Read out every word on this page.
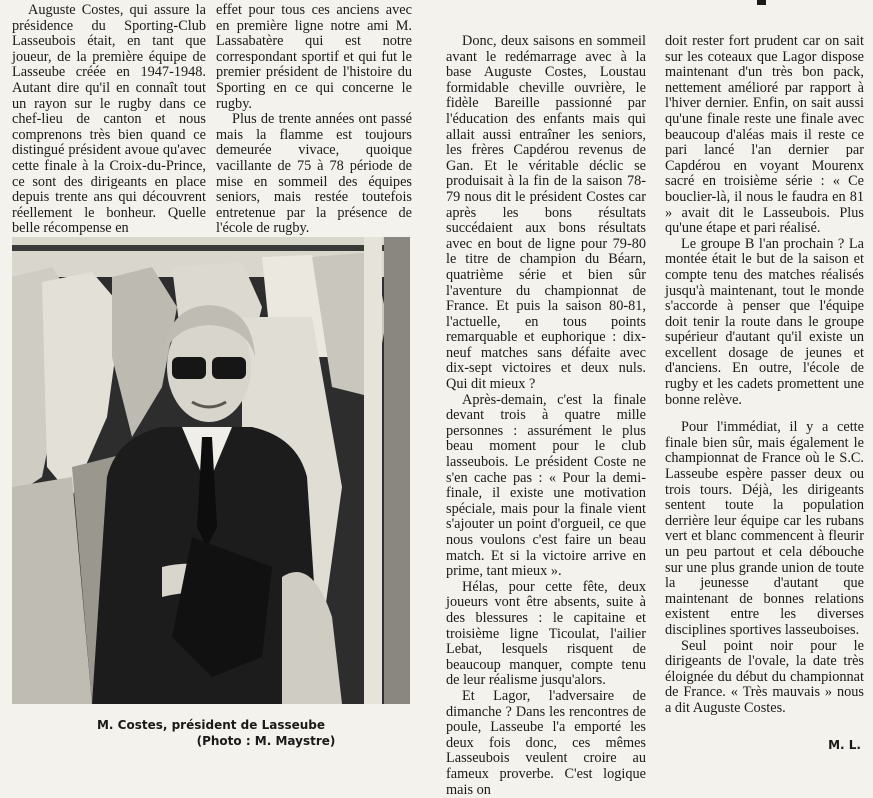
Auguste Costes, qui assure la présidence du Sporting-Club Lasseubois était, en tant que joueur, de la première équipe de Lasseube créée en 1947-1948. Autant dire qu'il en connaît tout un rayon sur le rugby dans ce chef-lieu de canton et nous comprenons très bien quand ce distingué président avoue qu'avec cette finale à la Croix-du-Prince, ce sont des dirigeants en place depuis trente ans qui découvrent réellement le bonheur. Quelle belle récompense en

effet pour tous ces anciens avec en première ligne notre ami M. Lassabatère qui est notre correspondant sportif et qui fut le premier président de l'histoire du Sporting en ce qui concerne le rugby.

Plus de trente années ont passé mais la flamme est toujours demeurée vivace, quoique vacillante de 75 à 78 période de mise en sommeil des équipes seniors, mais restée toutefois entretenue par la présence de l'école de rugby.

Donc, deux saisons en sommeil avant le redémarrage avec à la base Auguste Costes, Loustau formidable cheville ouvrière, le fidèle Bareille passionné par l'éducation des enfants mais qui allait aussi entraîner les seniors, les frères Capdérou revenus de Gan. Et le véritable déclic se produisait à la fin de la saison 78-79 nous dit le président Costes car après les bons résultats succédaient aux bons résultats avec en bout de ligne pour 79-80 le titre de champion du Béarn, quatrième série et bien sûr l'aventure du championnat de France. Et puis la saison 80-81, l'actuelle, en tous points remarquable et euphorique : dix-neuf matches sans défaite avec dix-sept victoires et deux nuls. Qui dit mieux ?

Après-demain, c'est la finale devant trois à quatre mille personnes : assurément le plus beau moment pour le club lasseubois. Le président Coste ne s'en cache pas : « Pour la demi-finale, il existe une motivation spéciale, mais pour la finale vient s'ajouter un point d'orgueil, ce que nous voulons c'est faire un beau match. Et si la victoire arrive en prime, tant mieux ».

Hélas, pour cette fête, deux joueurs vont être absents, suite à des blessures : le capitaine et troisième ligne Ticoulat, l'ailier Lebat, lesquels risquent de beaucoup manquer, compte tenu de leur réalisme jusqu'alors.

Et Lagor, l'adversaire de dimanche ? Dans les rencontres de poule, Lasseube l'a emporté les deux fois donc, ces mêmes Lasseubois veulent croire au fameux proverbe. C'est logique mais on

doit rester fort prudent car on sait sur les coteaux que Lagor dispose maintenant d'un très bon pack, nettement amélioré par rapport à l'hiver dernier. Enfin, on sait aussi qu'une finale reste une finale avec beaucoup d'aléas mais il reste ce pari lancé l'an dernier par Capdérou en voyant Mourenx sacré en troisième série : « Ce bouclier-là, il nous le faudra en 81 » avait dit le Lasseubois. Plus qu'une étape et pari réalisé.

Le groupe B l'an prochain ? La montée était le but de la saison et compte tenu des matches réalisés jusqu'à maintenant, tout le monde s'accorde à penser que l'équipe doit tenir la route dans le groupe supérieur d'autant qu'il existe un excellent dosage de jeunes et d'anciens. En outre, l'école de rugby et les cadets promettent une bonne relève.

Pour l'immédiat, il y a cette finale bien sûr, mais également le championnat de France où le S.C. Lasseube espère passer deux ou trois tours. Déjà, les dirigeants sentent toute la population derrière leur équipe car les rubans vert et blanc commencent à fleurir un peu partout et cela débouche sur une plus grande union de toute la jeunesse d'autant que maintenant de bonnes relations existent entre les diverses disciplines sportives lasseuboises.

Seul point noir pour le dirigeants de l'ovale, la date très éloignée du début du championnat de France. « Très mauvais » nous a dit Auguste Costes.

M. Costes, président de Lasseube
(Photo : M. Maystre)	M. L.
